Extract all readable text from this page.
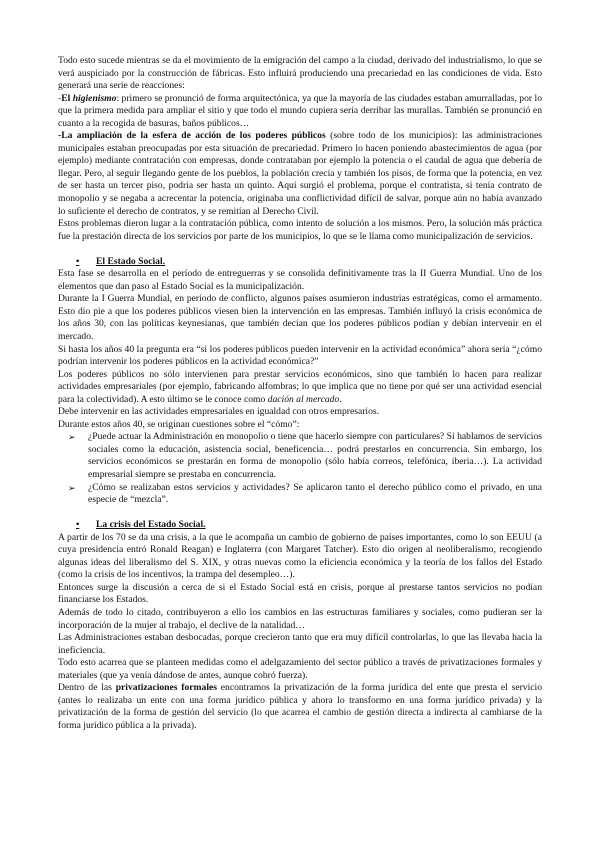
Todo esto sucede mientras se da el movimiento de la emigración del campo a la ciudad, derivado del industrialismo, lo que se verá auspiciado por la construcción de fábricas. Esto influirá produciendo una precariedad en las condiciones de vida. Esto generará una serie de reacciones:

-El higienismo: primero se pronunció de forma arquitectónica, ya que la mayoría de las ciudades estaban amurralladas, por lo que la primera medida para ampliar el sitio y que todo el mundo cupiera sería derribar las murallas. También se pronunció en cuanto a la recogida de basuras, baños públicos…

-La ampliación de la esfera de acción de los poderes públicos (sobre todo de los municipios): las administraciones municipales estaban preocupadas por esta situación de precariedad. Primero lo hacen poniendo abastecimientos de agua (por ejemplo) mediante contratación con empresas, donde contrataban por ejemplo la potencia o el caudal de agua que debería de llegar. Pero, al seguir llegando gente de los pueblos, la población crecía y también los pisos, de forma que la potencia, en vez de ser hasta un tercer piso, podría ser hasta un quinto. Aquí surgió el problema, porque el contratista, si tenía contrato de monopolio y se negaba a acrecentar la potencia, originaba una conflictividad difícil de salvar, porque aún no había avanzado lo suficiente el derecho de contratos, y se remitían al Derecho Civil.

Estos problemas dieron lugar a la contratación pública, como intento de solución a los mismos. Pero, la solución más práctica fue la prestación directa de los servicios por parte de los municipios, lo que se le llama como municipalización de servicios.

•	El Estado Social.

Esta fase se desarrolla en el período de entreguerras y se consolida definitivamente tras la II Guerra Mundial. Uno de los elementos que dan paso al Estado Social es la municipalización.

Durante la I Guerra Mundial, en período de conflicto, algunos países asumieron industrias estratégicas, como el armamento. Esto dio pie a que los poderes públicos viesen bien la intervención en las empresas. También influyó la crisis económica de los años 30, con las políticas keynesianas, que también decían que los poderes públicos podían y debían intervenir en el mercado.

Si hasta los años 40 la pregunta era “si los poderes públicos pueden intervenir en la actividad económica” ahora sería “¿cómo podrían intervenir los poderes públicos en la actividad económica?”

Los poderes públicos no sólo intervienen para prestar servicios económicos, sino que también lo hacen para realizar actividades empresariales (por ejemplo, fabricando alfombras; lo que implica que no tiene por qué ser una actividad esencial para la colectividad). A esto último se le conoce como dación al mercado.

Debe intervenir en las actividades empresariales en igualdad con otros empresarios.

Durante estos años 40, se originan cuestiones sobre el “cómo”:

➢	¿Puede actuar la Administración en monopolio o tiene que hacerlo siempre con particulares? Si hablamos de servicios sociales como la educación, asistencia social, beneficencia… podrá prestarlos en concurrencia. Sin embargo, los servicios económicos se prestarán en forma de monopolio (sólo había correos, telefónica, iberia…). La actividad empresarial siempre se prestaba en concurrencia.
➢	¿Cómo se realizaban estos servicios y actividades? Se aplicaron tanto el derecho público como el privado, en una especie de “mezcla”.
•	La crisis del Estado Social.

A partir de los 70 se da una crisis, a la que le acompaña un cambio de gobierno de países importantes, como lo son EEUU (a cuya presidencia entró Ronald Reagan) e Inglaterra (con Margaret Tatcher). Esto dio origen al neoliberalismo, recogiendo algunas ideas del liberalismo del S. XIX, y otras nuevas como la eficiencia económica y la teoría de los fallos del Estado (como la crisis de los incentivos, la trampa del desempleo…).

Entonces surge la discusión a cerca de si el Estado Social está en crisis, porque al prestarse tantos servicios no podían financiarse los Estados.

Además de todo lo citado, contribuyeron a ello los cambios en las estructuras familiares y sociales, como pudieran ser la incorporación de la mujer al trabajo, el declive de la natalidad…

Las Administraciones estaban desbocadas, porque crecieron tanto que era muy difícil controlarlas, lo que las llevaba hacia la ineficiencia.

Todo esto acarrea que se planteen medidas como el adelgazamiento del sector público a través de privatizaciones formales y materiales (que ya venía dándose de antes, aunque cobró fuerza).

Dentro de las privatizaciones formales encontramos la privatización de la forma jurídica del ente que presta el servicio (antes lo realizaba un ente con una forma jurídico pública y ahora lo transformo en una forma jurídico privada) y la privatización de la forma de gestión del servicio (lo que acarrea el cambio de gestión directa a indirecta al cambiarse de la forma jurídico pública a la privada).
